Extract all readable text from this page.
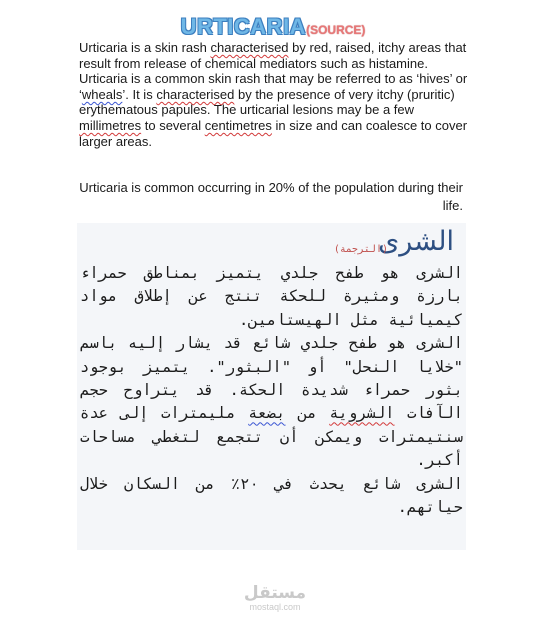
URTICARIA(SOURCE)

Urticaria is a skin rash characterised by red, raised, itchy areas that result from release of chemical mediators such as histamine.

Urticaria is a common skin rash that may be referred to as ‘hives’ or ‘wheals’. It is characterised by the presence of very itchy (pruritic) erythematous papules. The urticarial lesions may be a few millimetres to several centimetres in size and can coalesce to cover larger areas.

Urticaria is common occurring in 20% of the population during their life.
الشرى
(الترجمة)

الشرى هو طفح جلدي يتميز بمناطق حمراء بارزة ومثيرة للحكة تنتج عن إطلاق مواد كيميائية مثل الهيستامين.

الشرى هو طفح جلدي شائع قد يشار إليه باسم "خلايا النحل" أو "البثور". يتميز بوجود بثور حمراء شديدة الحكة. قد يتراوح حجم الآفات الشروية من بضعة مليمترات إلى عدة سنتيمترات ويمكن أن تتجمع لتغطي مساحات أكبر.

الشرى شائع يحدث في ٢٠٪ من السكان خلال حياتهم.

مستقل
mostaql.com
